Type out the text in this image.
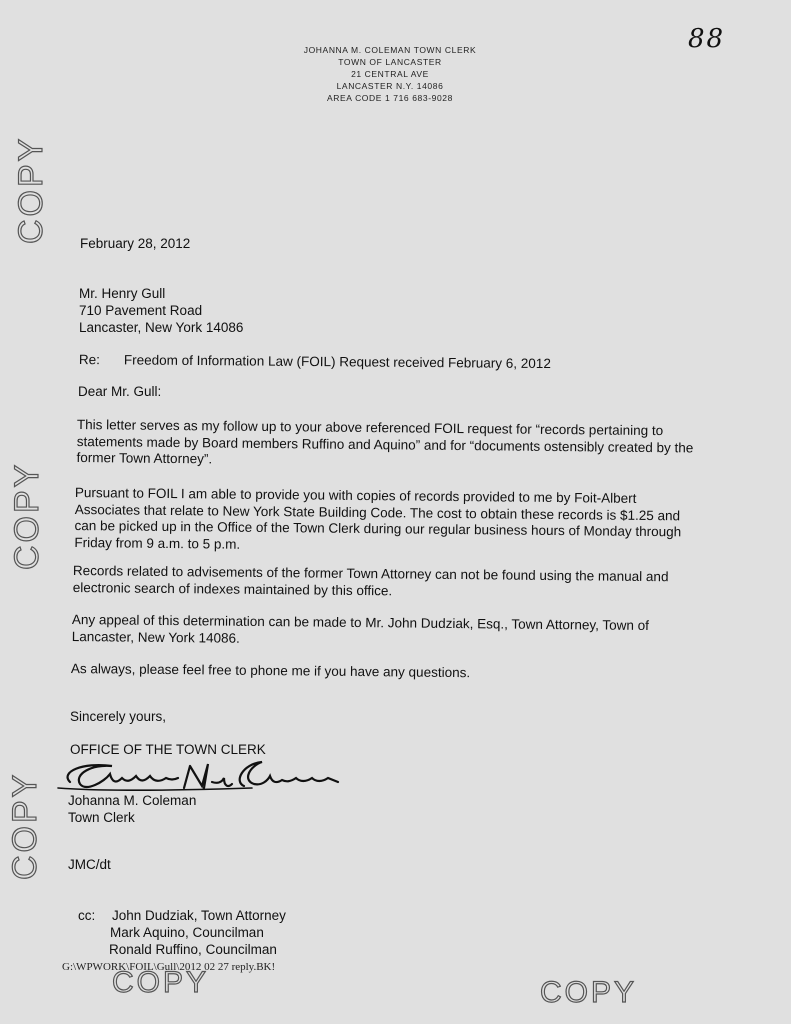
JOHANNA M. COLEMAN TOWN CLERK
TOWN OF LANCASTER
21 CENTRAL AVE
LANCASTER N.Y. 14086
AREA CODE 1 716 683-9028
88
COPY
COPY
COPY
COPY	COPY
February 28, 2012
Mr. Henry Gull
710 Pavement Road
Lancaster, New York 14086
Re: Freedom of Information Law (FOIL) Request received February 6, 2012
Dear Mr. Gull:
This letter serves as my follow up to your above referenced FOIL request for “records pertaining to statements made by Board members Ruffino and Aquino” and for “documents ostensibly created by the former Town Attorney”.
Pursuant to FOIL I am able to provide you with copies of records provided to me by Foit-Albert Associates that relate to New York State Building Code. The cost to obtain these records is $1.25 and can be picked up in the Office of the Town Clerk during our regular business hours of Monday through Friday from 9 a.m. to 5 p.m.
Records related to advisements of the former Town Attorney can not be found using the manual and electronic search of indexes maintained by this office.
Any appeal of this determination can be made to Mr. John Dudziak, Esq., Town Attorney, Town of Lancaster, New York 14086.
As always, please feel free to phone me if you have any questions.
Sincerely yours,
OFFICE OF THE TOWN CLERK
Johanna M. Coleman
Town Clerk
JMC/dt
cc:	John Dudziak, Town Attorney
Mark Aquino, Councilman
Ronald Ruffino, Councilman
G:\WPWORK\FOIL\Gull\2012 02 27 reply.BK!
